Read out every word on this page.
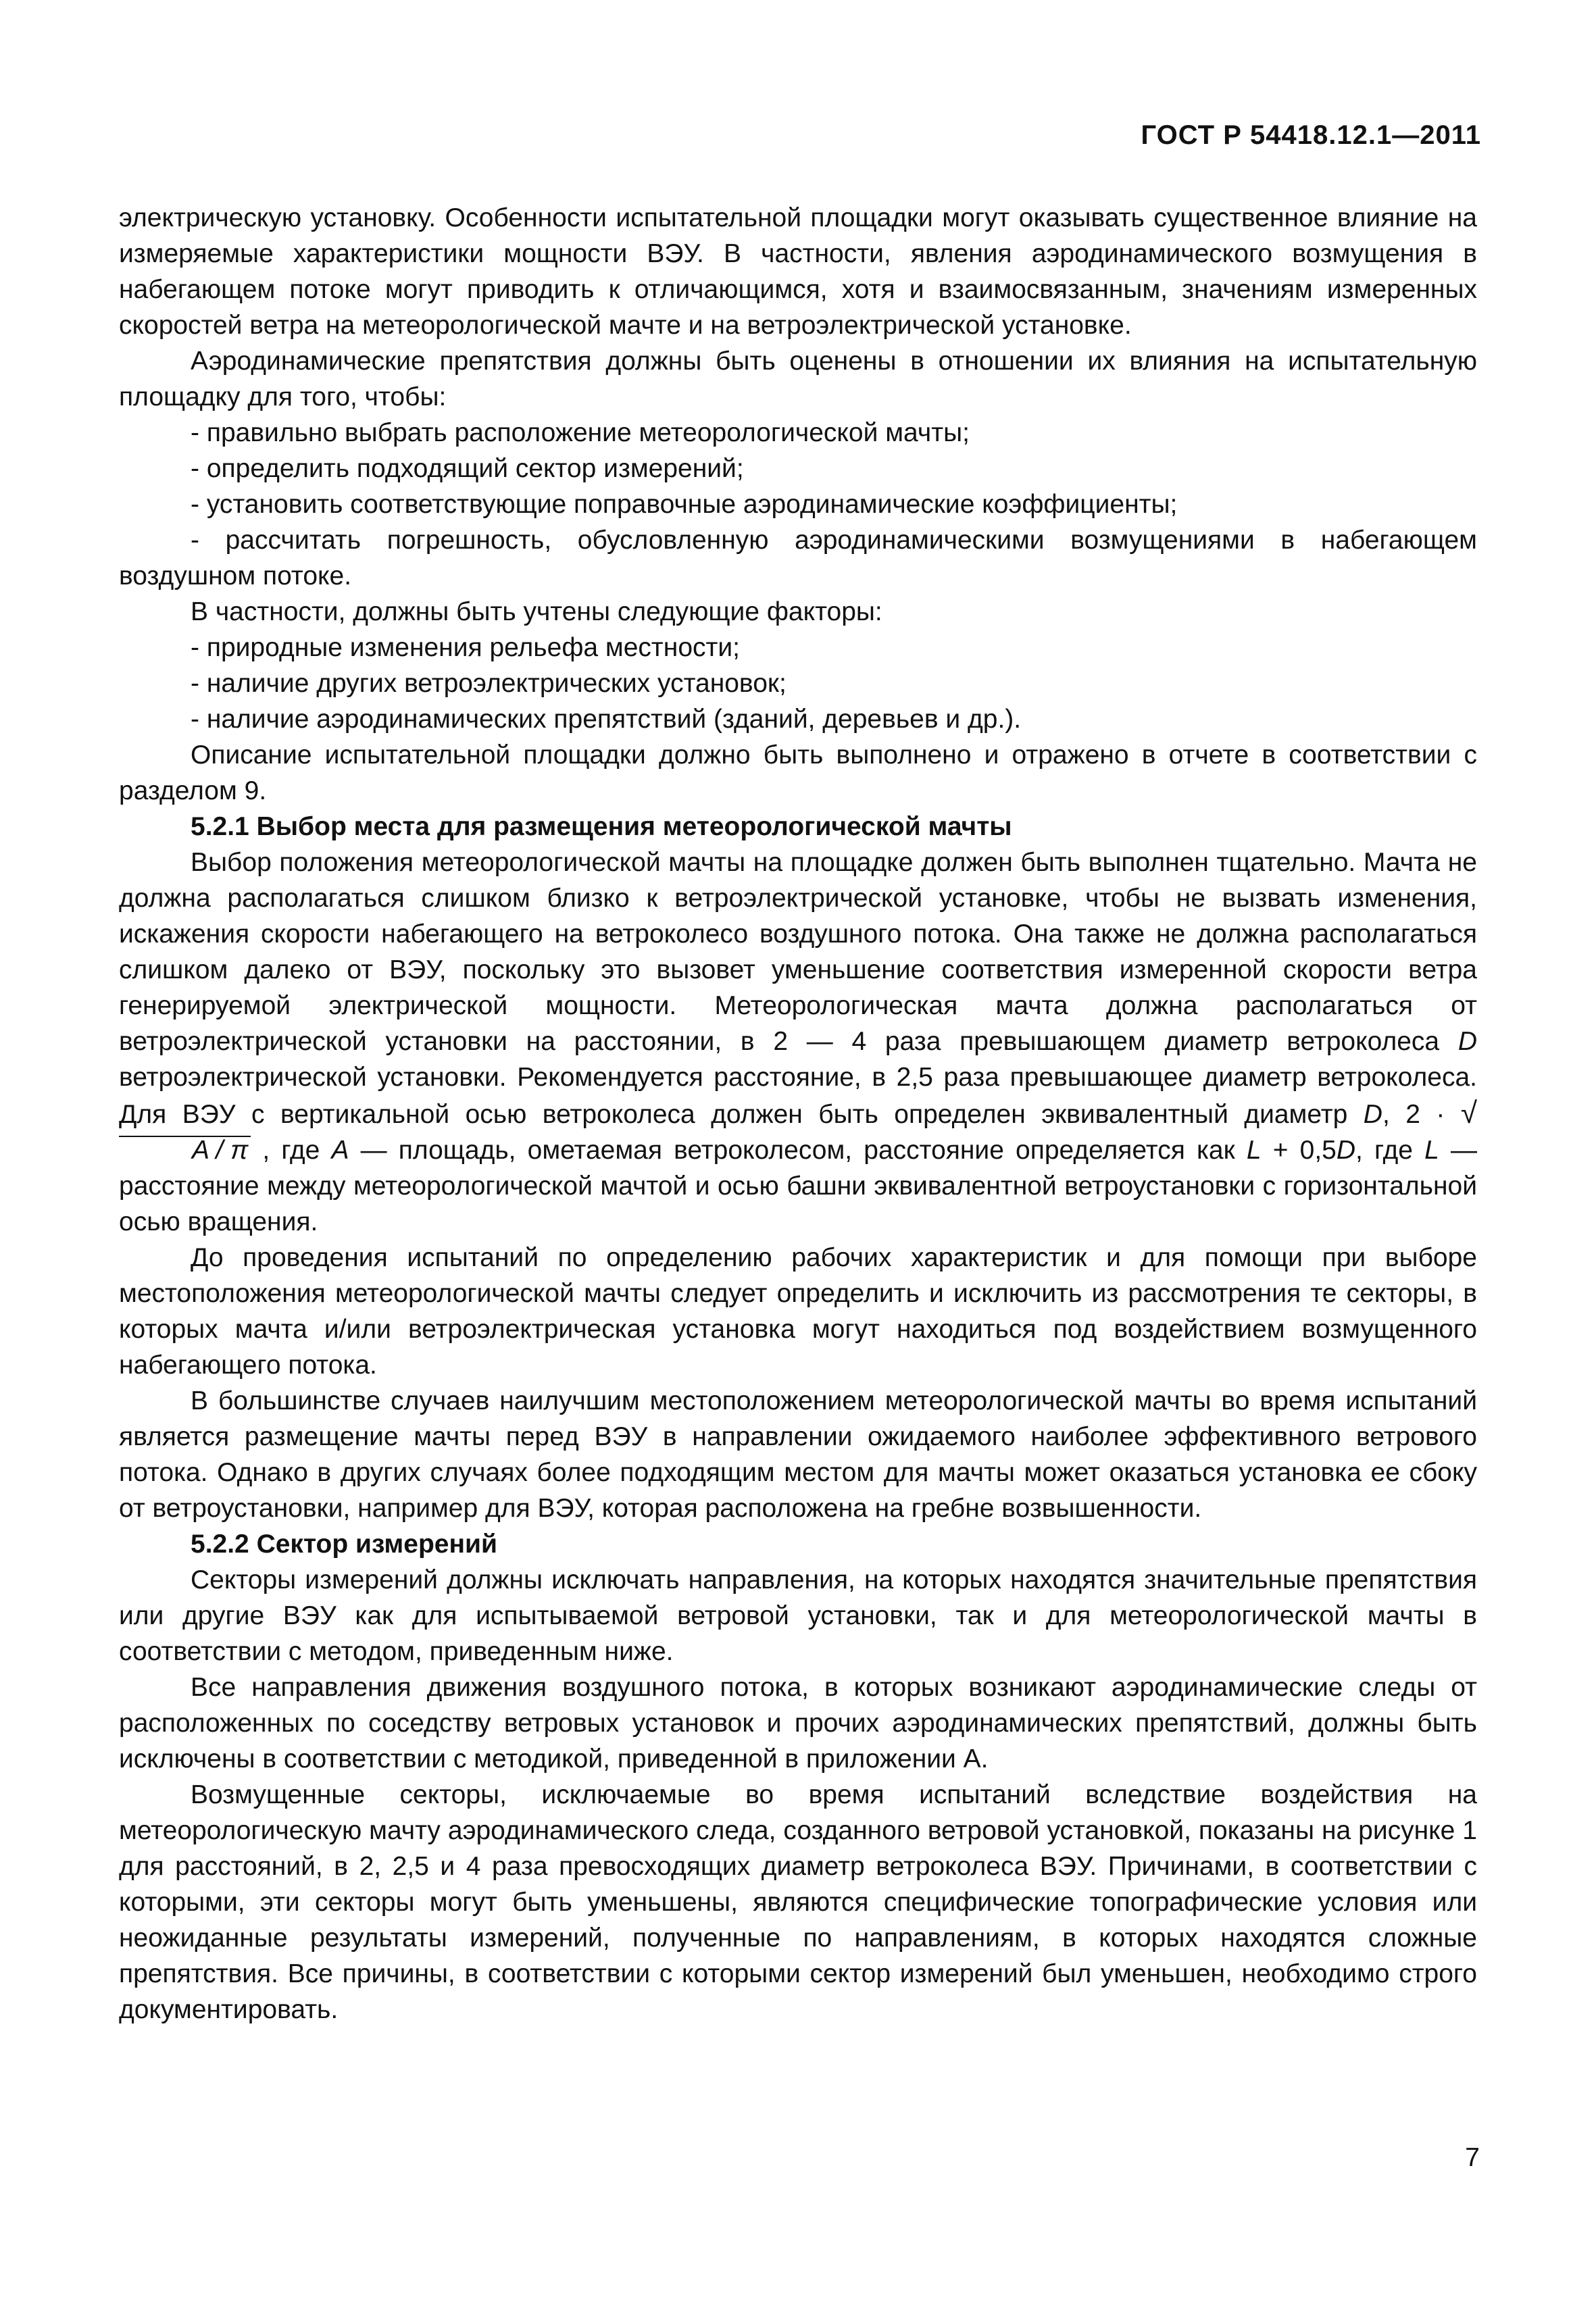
ГОСТ Р 54418.12.1—2011

электрическую установку. Особенности испытательной площадки могут оказывать существенное влияние на измеряемые характеристики мощности ВЭУ. В частности, явления аэродинамического возмущения в набегающем потоке могут приводить к отличающимся, хотя и взаимосвязанным, значениям измеренных скоростей ветра на метеорологической мачте и на ветроэлектрической установке.

Аэродинамические препятствия должны быть оценены в отношении их влияния на испытательную площадку для того, чтобы:

- правильно выбрать расположение метеорологической мачты;

- определить подходящий сектор измерений;

- установить соответствующие поправочные аэродинамические коэффициенты;

- рассчитать погрешность, обусловленную аэродинамическими возмущениями в набегающем воздушном потоке.

В частности, должны быть учтены следующие факторы:

- природные изменения рельефа местности;

- наличие других ветроэлектрических установок;

- наличие аэродинамических препятствий (зданий, деревьев и др.).

Описание испытательной площадки должно быть выполнено и отражено в отчете в соответствии с разделом 9.

5.2.1 Выбор места для размещения метеорологической мачты

Выбор положения метеорологической мачты на площадке должен быть выполнен тщательно. Мачта не должна располагаться слишком близко к ветроэлектрической установке, чтобы не вызвать изменения, искажения скорости набегающего на ветроколесо воздушного потока. Она также не должна располагаться слишком далеко от ВЭУ, поскольку это вызовет уменьшение соответствия измеренной скорости ветра генерируемой электрической мощности. Метеорологическая мачта должна располагаться от ветроэлектрической установки на расстоянии, в 2 — 4 раза превышающем диаметр ветроколеса D ветроэлектрической установки. Рекомендуется расстояние, в 2,5 раза превышающее диаметр ветроколеса. Для ВЭУ с вертикальной осью ветроколеса должен быть определен эквивалентный диаметр D, 2 · √A / π , где A — площадь, ометаемая ветроколесом, расстояние определяется как L + 0,5D, где L — расстояние между метеорологической мачтой и осью башни эквивалентной ветроустановки с горизонтальной осью вращения.

До проведения испытаний по определению рабочих характеристик и для помощи при выборе местоположения метеорологической мачты следует определить и исключить из рассмотрения те секторы, в которых мачта и/или ветроэлектрическая установка могут находиться под воздействием возмущенного набегающего потока.

В большинстве случаев наилучшим местоположением метеорологической мачты во время испытаний является размещение мачты перед ВЭУ в направлении ожидаемого наиболее эффективного ветрового потока. Однако в других случаях более подходящим местом для мачты может оказаться установка ее сбоку от ветроустановки, например для ВЭУ, которая расположена на гребне возвышенности.

5.2.2 Сектор измерений

Секторы измерений должны исключать направления, на которых находятся значительные препятствия или другие ВЭУ как для испытываемой ветровой установки, так и для метеорологической мачты в соответствии с методом, приведенным ниже.

Все направления движения воздушного потока, в которых возникают аэродинамические следы от расположенных по соседству ветровых установок и прочих аэродинамических препятствий, должны быть исключены в соответствии с методикой, приведенной в приложении А.

Возмущенные секторы, исключаемые во время испытаний вследствие воздействия на метеорологическую мачту аэродинамического следа, созданного ветровой установкой, показаны на рисунке 1 для расстояний, в 2, 2,5 и 4 раза превосходящих диаметр ветроколеса ВЭУ. Причинами, в соответствии с которыми, эти секторы могут быть уменьшены, являются специфические топографические условия или неожиданные результаты измерений, полученные по направлениям, в которых находятся сложные препятствия. Все причины, в соответствии с которыми сектор измерений был уменьшен, необходимо строго документировать.

7
